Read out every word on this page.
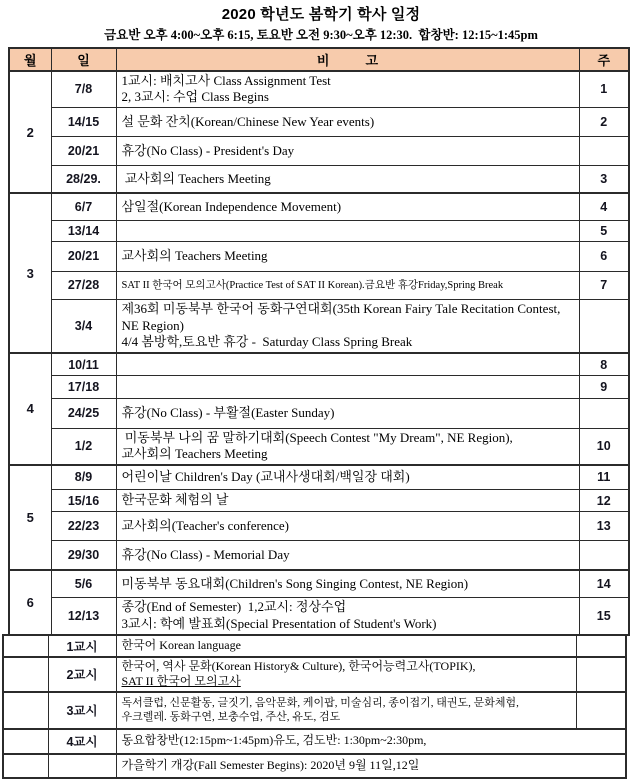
2020 학년도 봄학기 학사 일정
금요반 오후 4:00~오후 6:15, 토요반 오전 9:30~오후 12:30.  합창반: 12:15~1:45pm
월	일	비          고	주
2	7/8	1교시: 배치고사 Class Assignment Test
2, 3교시: 수업 Class Begins	1
	14/15	설 문화 잔치(Korean/Chinese New Year events)	2
	20/21	휴강(No Class) - President's Day	

	28/29.	교사회의 Teachers Meeting	3
3	6/7	삼일절(Korean Independence Movement)	4
	13/14		5
	20/21	교사회의 Teachers Meeting	6
	27/28	SAT II 한국어 모의고사(Practice Test of SAT II Korean).금요반 휴강Friday,Spring Break	7
	3/4	제36회 미동북부 한국어 동화구연대회(35th Korean Fairy Tale Recitation Contest, NE Region)
4/4 봄방학,토요반 휴강 -  Saturday Class Spring Break	

4	10/11		8
	17/18		9
	24/25	휴강(No Class) - 부활절(Easter Sunday)	

	1/2	미동북부 나의 꿈 말하기대회(Speech Contest "My Dream", NE Region),
교사회의 Teachers Meeting	10
5	8/9	어린이날 Children's Day (교내사생대회/백일장 대회)	11
	15/16	한국문화 체험의 날	12
	22/23	교사회의(Teacher's conference)	13
	29/30	휴강(No Class) - Memorial Day	

6	5/6	미동북부 동요대회(Children's Song Singing Contest, NE Region)	14
	12/13	종강(End of Semester)  1,2교시: 정상수업
3교시: 학예 발표회(Special Presentation of Student's Work)	15
	1교시	한국어 Korean language	

	2교시	한국어, 역사 문화(Korean History& Culture), 한국어능력고사(TOPIK),
SAT II 한국어 모의고사	

	3교시	독서클럽, 신문활동, 글짓기, 음악문화, 케이팝, 미술심리, 종이접기, 태권도, 문화체험,
우크렐레. 동화구연, 보충수업, 주산, 유도, 검도	

	4교시	동요합창반(12:15pm~1:45pm)유도, 검도반: 1:30pm~2:30pm,	

		가을학기 개강(Fall Semester Begins): 2020년 9월 11일,12일	
